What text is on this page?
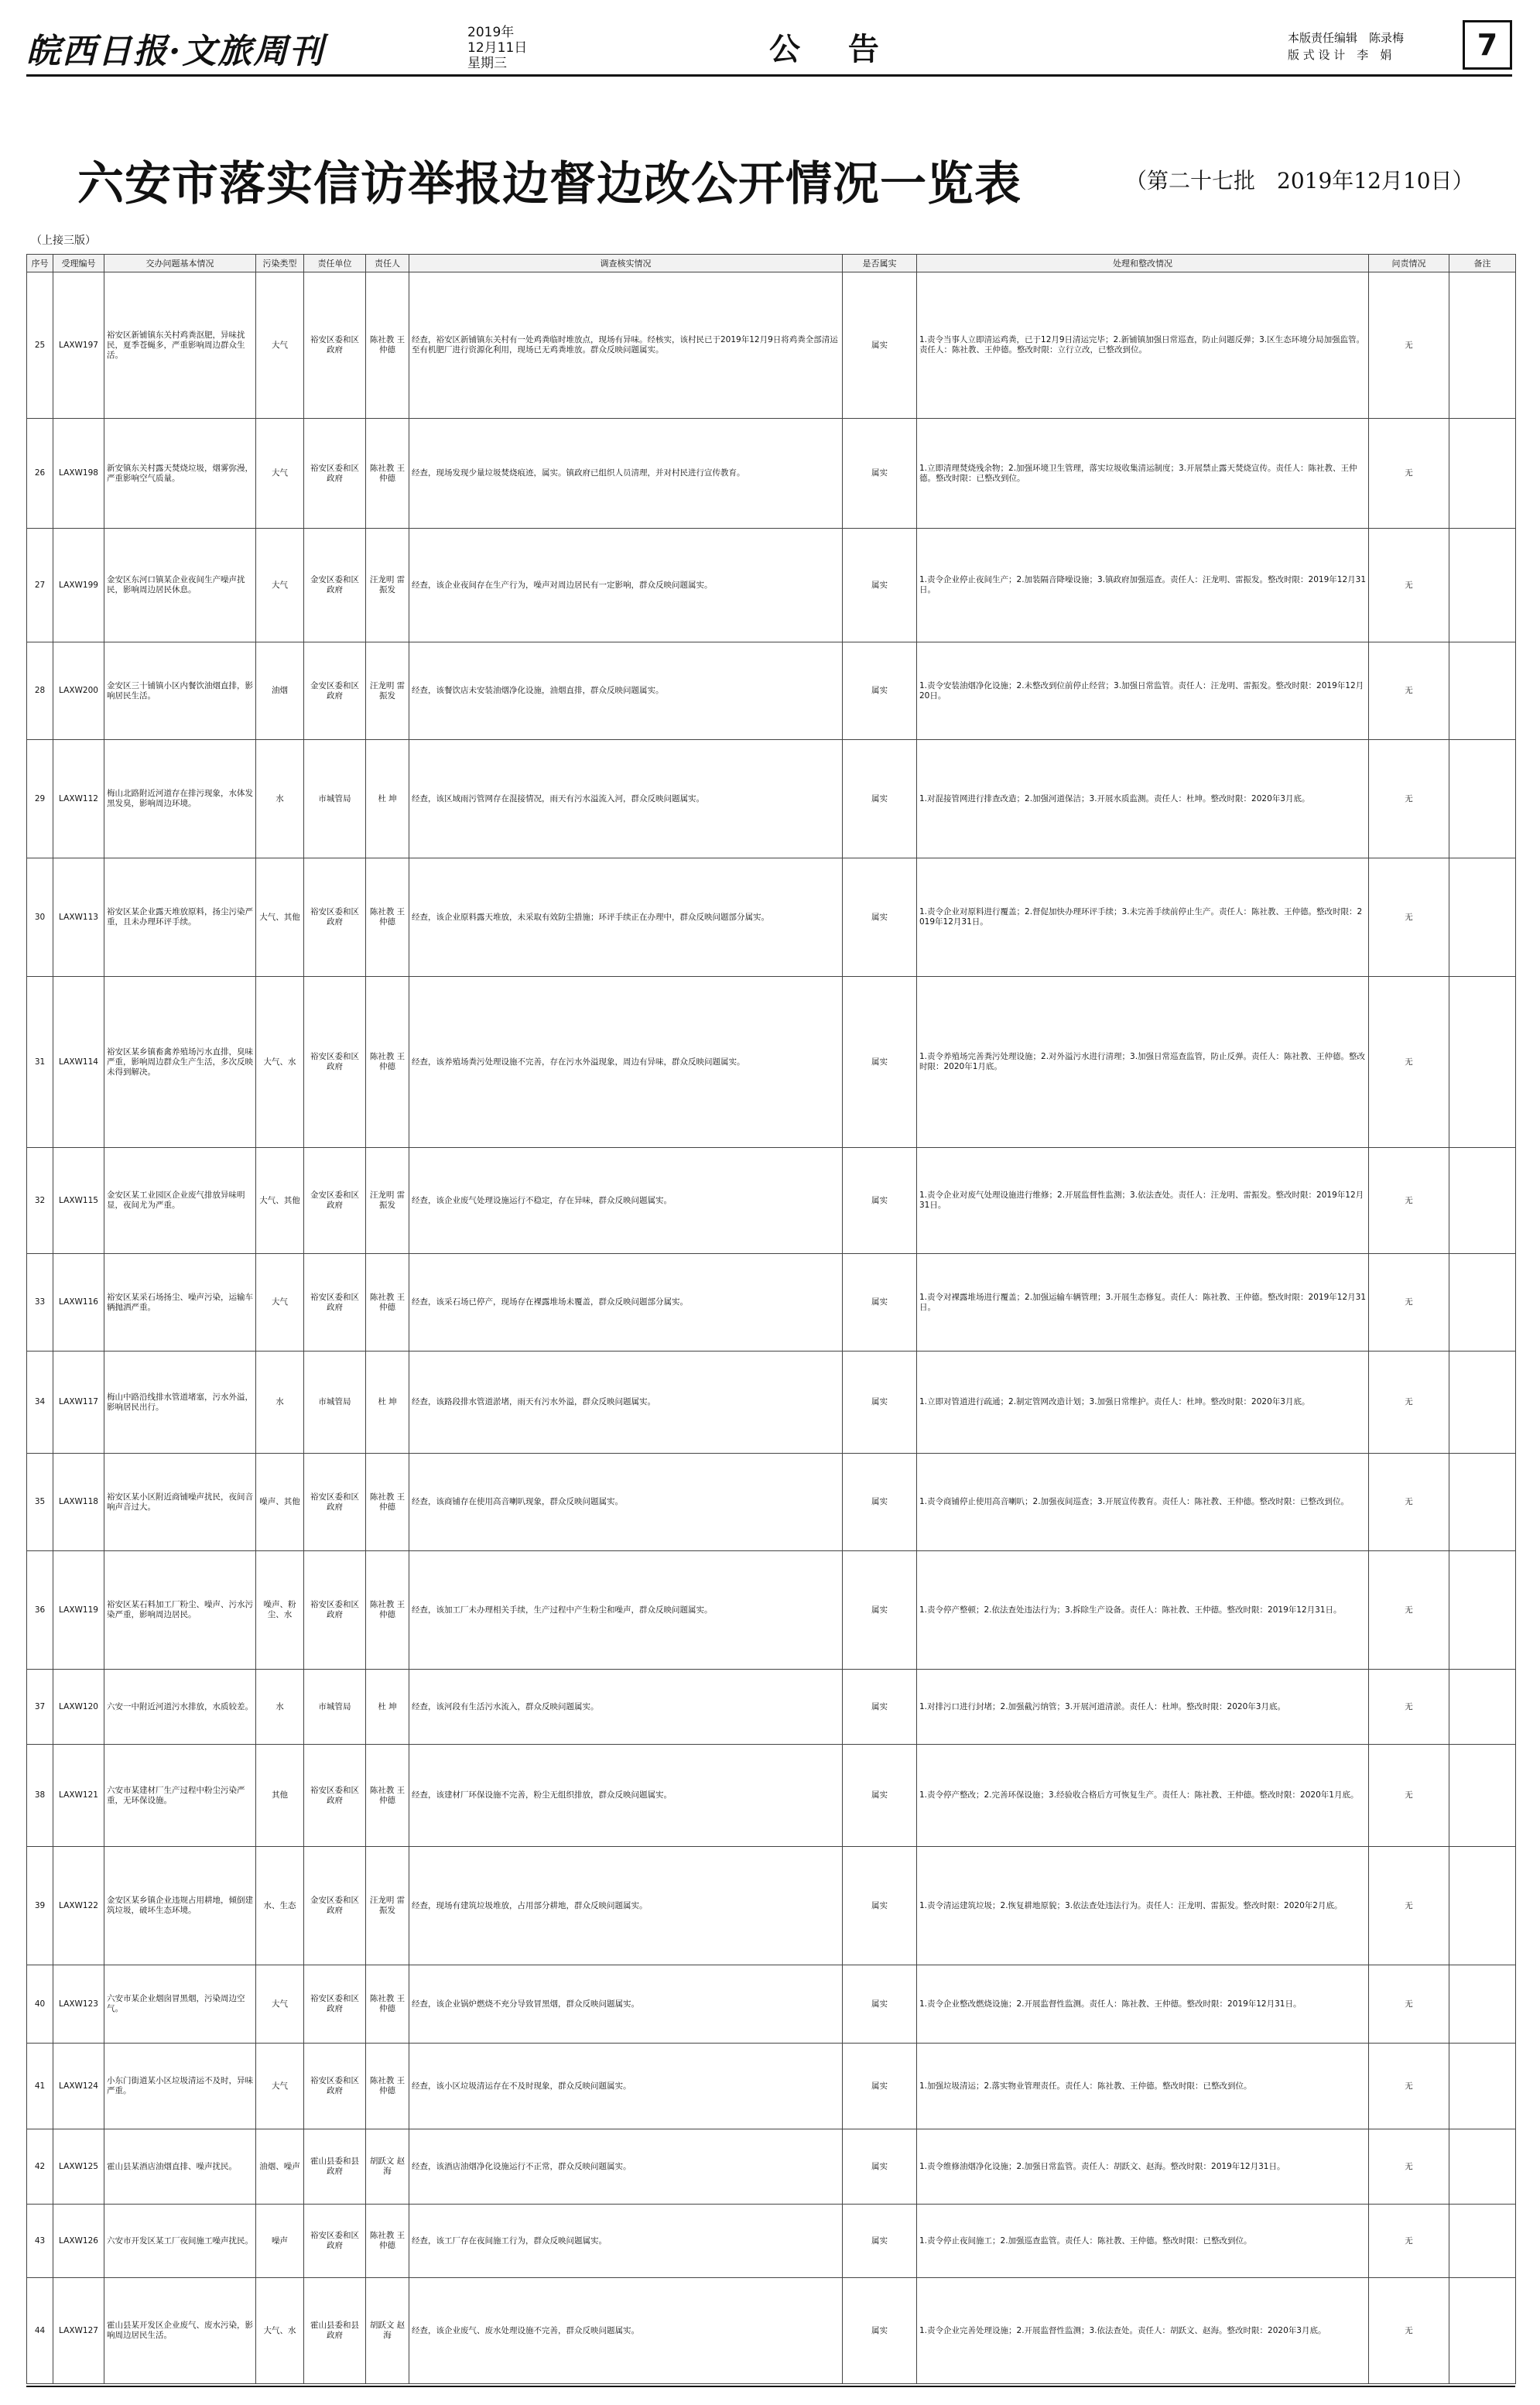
皖西日报·文旅周刊	2019年
12月11日
星期三	公 告	本版责任编辑　陈录梅
版 式 设 计　李　娟	7
六安市落实信访举报边督边改公开情况一览表	（第二十七批　2019年12月10日）
（上接三版）
序号	受理编号	交办问题基本情况	污染类型	责任单位	责任人	调查核实情况	是否属实	处理和整改情况	问责情况	备注
25	LAXW197	裕安区新铺镇东关村鸡粪沤肥，异味扰民，夏季苍蝇多，严重影响周边群众生活。	大气	裕安区委和区政府	陈社教 王仲德	经查，裕安区新铺镇东关村有一处鸡粪临时堆放点，现场有异味。经核实，该村民已于2019年12月9日将鸡粪全部清运至有机肥厂进行资源化利用，现场已无鸡粪堆放。群众反映问题属实。	属实	1.责令当事人立即清运鸡粪，已于12月9日清运完毕；2.新铺镇加强日常巡查，防止问题反弹；3.区生态环境分局加强监管。责任人：陈社教、王仲德。整改时限：立行立改，已整改到位。	无	
26	LAXW198	新安镇东关村露天焚烧垃圾，烟雾弥漫，严重影响空气质量。	大气	裕安区委和区政府	陈社教 王仲德	经查，现场发现少量垃圾焚烧痕迹，属实。镇政府已组织人员清理，并对村民进行宣传教育。	属实	1.立即清理焚烧残余物；2.加强环境卫生管理，落实垃圾收集清运制度；3.开展禁止露天焚烧宣传。责任人：陈社教、王仲德。整改时限：已整改到位。	无	
27	LAXW199	金安区东河口镇某企业夜间生产噪声扰民，影响周边居民休息。	大气	金安区委和区政府	汪龙明 雷振发	经查，该企业夜间存在生产行为，噪声对周边居民有一定影响，群众反映问题属实。	属实	1.责令企业停止夜间生产；2.加装隔音降噪设施；3.镇政府加强巡查。责任人：汪龙明、雷振发。整改时限：2019年12月31日。	无	
28	LAXW200	金安区三十铺镇小区内餐饮油烟直排，影响居民生活。	油烟	金安区委和区政府	汪龙明 雷振发	经查，该餐饮店未安装油烟净化设施，油烟直排，群众反映问题属实。	属实	1.责令安装油烟净化设施；2.未整改到位前停止经营；3.加强日常监管。责任人：汪龙明、雷振发。整改时限：2019年12月20日。	无	
29	LAXW112	梅山北路附近河道存在排污现象，水体发黑发臭，影响周边环境。	水	市城管局	杜 坤	经查，该区域雨污管网存在混接情况，雨天有污水溢流入河，群众反映问题属实。	属实	1.对混接管网进行排查改造；2.加强河道保洁；3.开展水质监测。责任人：杜坤。整改时限：2020年3月底。	无	
30	LAXW113	裕安区某企业露天堆放原料，扬尘污染严重，且未办理环评手续。	大气、其他	裕安区委和区政府	陈社教 王仲德	经查，该企业原料露天堆放，未采取有效防尘措施；环评手续正在办理中，群众反映问题部分属实。	属实	1.责令企业对原料进行覆盖；2.督促加快办理环评手续；3.未完善手续前停止生产。责任人：陈社教、王仲德。整改时限：2019年12月31日。	无	
31	LAXW114	裕安区某乡镇畜禽养殖场污水直排，臭味严重，影响周边群众生产生活，多次反映未得到解决。	大气、水	裕安区委和区政府	陈社教 王仲德	经查，该养殖场粪污处理设施不完善，存在污水外溢现象，周边有异味，群众反映问题属实。	属实	1.责令养殖场完善粪污处理设施；2.对外溢污水进行清理；3.加强日常巡查监管，防止反弹。责任人：陈社教、王仲德。整改时限：2020年1月底。	无	
32	LAXW115	金安区某工业园区企业废气排放异味明显，夜间尤为严重。	大气、其他	金安区委和区政府	汪龙明 雷振发	经查，该企业废气处理设施运行不稳定，存在异味，群众反映问题属实。	属实	1.责令企业对废气处理设施进行维修；2.开展监督性监测；3.依法查处。责任人：汪龙明、雷振发。整改时限：2019年12月31日。	无	
33	LAXW116	裕安区某采石场扬尘、噪声污染，运输车辆抛洒严重。	大气	裕安区委和区政府	陈社教 王仲德	经查，该采石场已停产，现场存在裸露堆场未覆盖，群众反映问题部分属实。	属实	1.责令对裸露堆场进行覆盖；2.加强运输车辆管理；3.开展生态修复。责任人：陈社教、王仲德。整改时限：2019年12月31日。	无	
34	LAXW117	梅山中路沿线排水管道堵塞，污水外溢，影响居民出行。	水	市城管局	杜 坤	经查，该路段排水管道淤堵，雨天有污水外溢，群众反映问题属实。	属实	1.立即对管道进行疏通；2.制定管网改造计划；3.加强日常维护。责任人：杜坤。整改时限：2020年3月底。	无	
35	LAXW118	裕安区某小区附近商铺噪声扰民，夜间音响声音过大。	噪声、其他	裕安区委和区政府	陈社教 王仲德	经查，该商铺存在使用高音喇叭现象，群众反映问题属实。	属实	1.责令商铺停止使用高音喇叭；2.加强夜间巡查；3.开展宣传教育。责任人：陈社教、王仲德。整改时限：已整改到位。	无	
36	LAXW119	裕安区某石料加工厂粉尘、噪声、污水污染严重，影响周边居民。	噪声、粉尘、水	裕安区委和区政府	陈社教 王仲德	经查，该加工厂未办理相关手续，生产过程中产生粉尘和噪声，群众反映问题属实。	属实	1.责令停产整顿；2.依法查处违法行为；3.拆除生产设备。责任人：陈社教、王仲德。整改时限：2019年12月31日。	无	
37	LAXW120	六安一中附近河道污水排放，水质较差。	水	市城管局	杜 坤	经查，该河段有生活污水流入，群众反映问题属实。	属实	1.对排污口进行封堵；2.加强截污纳管；3.开展河道清淤。责任人：杜坤。整改时限：2020年3月底。	无	
38	LAXW121	六安市某建材厂生产过程中粉尘污染严重，无环保设施。	其他	裕安区委和区政府	陈社教 王仲德	经查，该建材厂环保设施不完善，粉尘无组织排放，群众反映问题属实。	属实	1.责令停产整改；2.完善环保设施；3.经验收合格后方可恢复生产。责任人：陈社教、王仲德。整改时限：2020年1月底。	无	
39	LAXW122	金安区某乡镇企业违规占用耕地，倾倒建筑垃圾，破坏生态环境。	水、生态	金安区委和区政府	汪龙明 雷振发	经查，现场有建筑垃圾堆放，占用部分耕地，群众反映问题属实。	属实	1.责令清运建筑垃圾；2.恢复耕地原貌；3.依法查处违法行为。责任人：汪龙明、雷振发。整改时限：2020年2月底。	无	
40	LAXW123	六安市某企业烟囱冒黑烟，污染周边空气。	大气	裕安区委和区政府	陈社教 王仲德	经查，该企业锅炉燃烧不充分导致冒黑烟，群众反映问题属实。	属实	1.责令企业整改燃烧设施；2.开展监督性监测。责任人：陈社教、王仲德。整改时限：2019年12月31日。	无	
41	LAXW124	小东门街道某小区垃圾清运不及时，异味严重。	大气	裕安区委和区政府	陈社教 王仲德	经查，该小区垃圾清运存在不及时现象，群众反映问题属实。	属实	1.加强垃圾清运；2.落实物业管理责任。责任人：陈社教、王仲德。整改时限：已整改到位。	无	
42	LAXW125	霍山县某酒店油烟直排、噪声扰民。	油烟、噪声	霍山县委和县政府	胡跃文 赵 海	经查，该酒店油烟净化设施运行不正常，群众反映问题属实。	属实	1.责令维修油烟净化设施；2.加强日常监管。责任人：胡跃文、赵海。整改时限：2019年12月31日。	无	
43	LAXW126	六安市开发区某工厂夜间施工噪声扰民。	噪声	裕安区委和区政府	陈社教 王仲德	经查，该工厂存在夜间施工行为，群众反映问题属实。	属实	1.责令停止夜间施工；2.加强巡查监管。责任人：陈社教、王仲德。整改时限：已整改到位。	无	
44	LAXW127	霍山县某开发区企业废气、废水污染，影响周边居民生活。	大气、水	霍山县委和县政府	胡跃文 赵 海	经查，该企业废气、废水处理设施不完善，群众反映问题属实。	属实	1.责令企业完善处理设施；2.开展监督性监测；3.依法查处。责任人：胡跃文、赵海。整改时限：2020年3月底。	无	
